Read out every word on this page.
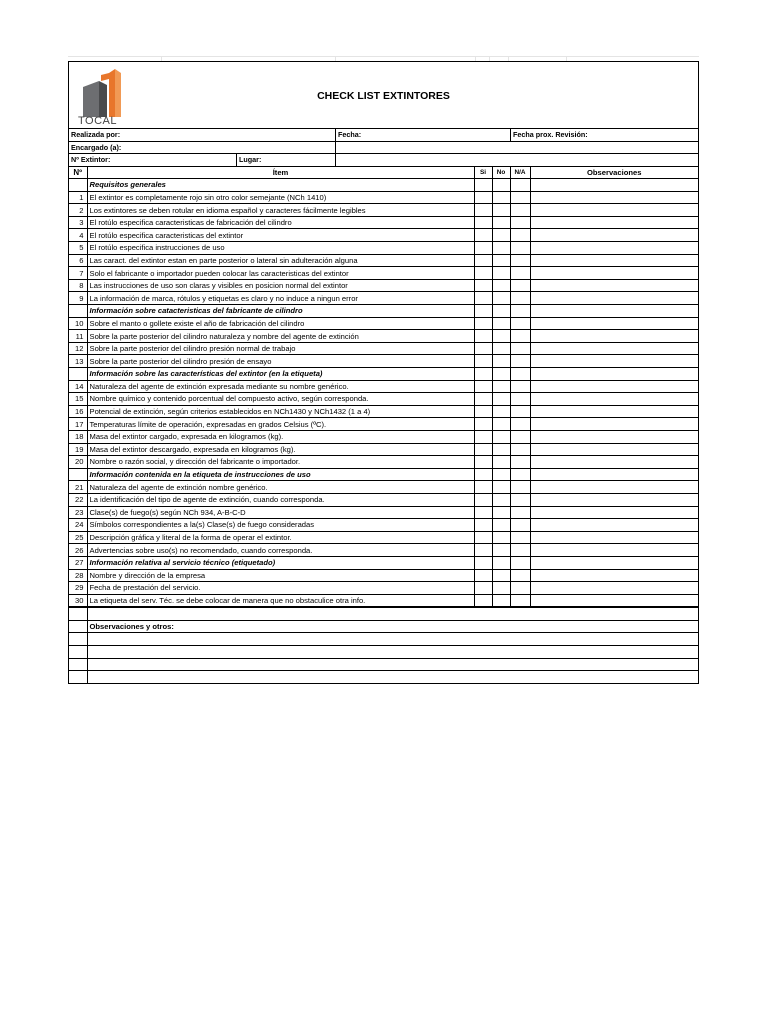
TOCAL
CHECK LIST EXTINTORES
Realizada por:	Fecha:	Fecha prox. Revisión:
Encargado (a):
Nº Extintor:	Lugar:
Nº	Ítem	Si	No	N/A	Observaciones
	Requisitos generales				
1	El extintor es completamente rojo sin otro color semejante (NCh 1410)				
2	Los extintores se deben rotular en idioma español y caracteres fácilmente legibles				
3	El rotúlo especifica caracteristicas de fabricación del cilindro				
4	El rotúlo especifica caracteristicas del extintor				
5	El rotúlo especifica instrucciones de uso				
6	Las caract. del extintor estan en parte posterior o lateral sin adulteración alguna				
7	Solo el fabricante o importador pueden colocar las caracteristicas del extintor				
8	Las instrucciones de uso son claras y visibles en posicion normal del extintor				
9	La información de marca, rótulos y etiquetas es claro y no induce a ningun error				
	Información sobre catacteristicas del fabricante de cilindro				
10	Sobre el manto o gollete existe el año de fabricación del cilindro				
11	Sobre la parte posterior del cilindro naturaleza y nombre del agente de extinción				
12	Sobre la parte posterior del cilindro presión normal de trabajo				
13	Sobre la parte posterior del cilindro presión de ensayo				
	Información sobre las características del extintor (en la etiqueta)				
14	Naturaleza del agente de extinción expresada mediante su nombre genérico.				
15	Nombre químico y contenido porcentual del compuesto activo, según corresponda.				
16	Potencial de extinción, según criterios establecidos en NCh1430 y NCh1432 (1 a 4)				
17	Temperaturas límite de operación, expresadas en grados Celsius (ºC).				
18	Masa del extintor cargado, expresada en kilogramos (kg).				
19	Masa del extintor descargado, expresada en kilogramos (kg).				
20	Nombre o razón social, y dirección del fabricante o importador.				
	Información contenida en la etiqueta de instrucciones de uso				
21	Naturaleza del agente de extinción nombre genérico.				
22	La identificación del tipo de agente de extinción, cuando corresponda.				
23	Clase(s) de fuego(s) según NCh 934, A-B-C-D				
24	Símbolos correspondientes a la(s) Clase(s) de fuego consideradas				
25	Descripción gráfica y literal de la forma de operar el extintor.				
26	Advertencias sobre uso(s) no recomendado, cuando corresponda.				
27	Información relativa al servicio técnico (etiquetado)				
28	Nombre y dirección de la empresa				
29	Fecha de prestación del servicio.				
30	La etiqueta del serv. Téc. se debe colocar de manera que no obstaculice otra info.				

	Observaciones y otros:
